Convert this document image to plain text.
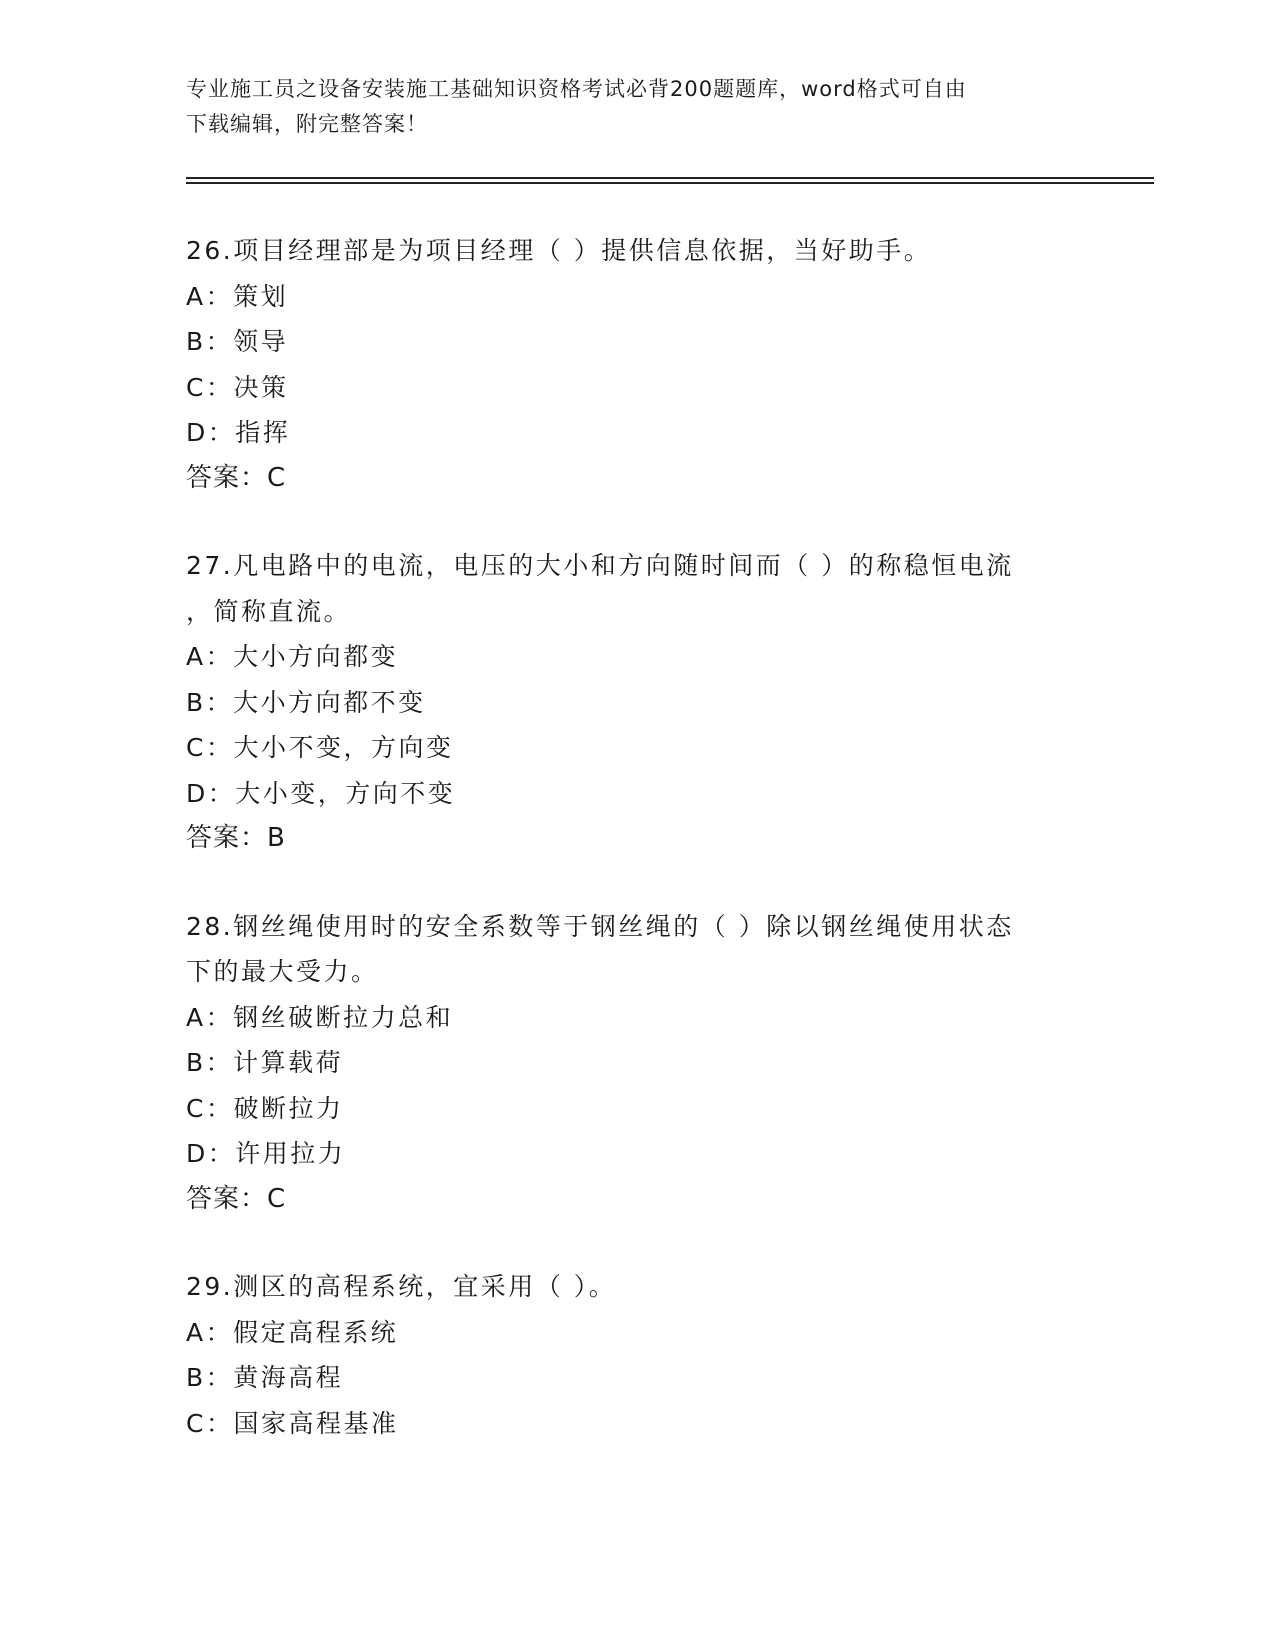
专业施工员之设备安装施工基础知识资格考试必背200题题库，word格式可自由
下载编辑，附完整答案！
26.项目经理部是为项目经理（ ）提供信息依据，当好助手。
A：策划
B：领导
C：决策
D：指挥
答案：C
27.凡电路中的电流，电压的大小和方向随时间而（ ）的称稳恒电流
，简称直流。
A：大小方向都变
B：大小方向都不变
C：大小不变，方向变
D：大小变，方向不变
答案：B
28.钢丝绳使用时的安全系数等于钢丝绳的（ ）除以钢丝绳使用状态
下的最大受力。
A：钢丝破断拉力总和
B：计算载荷
C：破断拉力
D：许用拉力
答案：C
29.测区的高程系统，宜采用（ ）。
A：假定高程系统
B：黄海高程
C：国家高程基准
